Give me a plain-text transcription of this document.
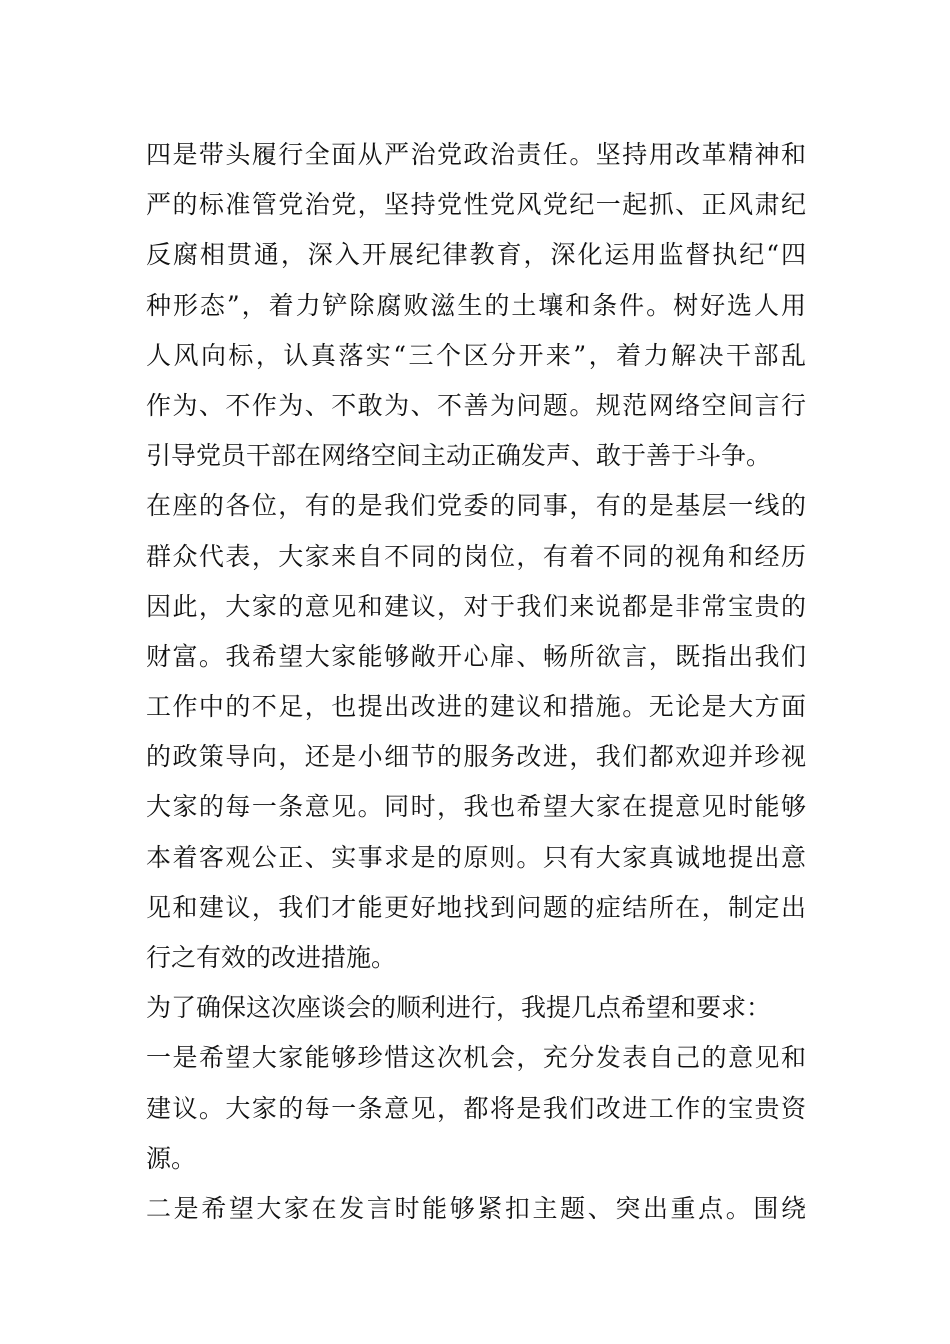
四是带头履行全面从严治党政治责任。坚持用改革精神和
严的标准管党治党，坚持党性党风党纪一起抓、正风肃纪
反腐相贯通，深入开展纪律教育，深化运用监督执纪“四
种形态”，着力铲除腐败滋生的土壤和条件。树好选人用
人风向标，认真落实“三个区分开来”，着力解决干部乱
作为、不作为、不敢为、不善为问题。规范网络空间言行
引导党员干部在网络空间主动正确发声、敢于善于斗争。
在座的各位，有的是我们党委的同事，有的是基层一线的
群众代表，大家来自不同的岗位，有着不同的视角和经历
因此，大家的意见和建议，对于我们来说都是非常宝贵的
财富。我希望大家能够敞开心扉、畅所欲言，既指出我们
工作中的不足，也提出改进的建议和措施。无论是大方面
的政策导向，还是小细节的服务改进，我们都欢迎并珍视
大家的每一条意见。同时，我也希望大家在提意见时能够
本着客观公正、实事求是的原则。只有大家真诚地提出意
见和建议，我们才能更好地找到问题的症结所在，制定出
行之有效的改进措施。
为了确保这次座谈会的顺利进行，我提几点希望和要求：
一是希望大家能够珍惜这次机会，充分发表自己的意见和
建议。大家的每一条意见，都将是我们改进工作的宝贵资
源。
二是希望大家在发言时能够紧扣主题、突出重点。围绕
